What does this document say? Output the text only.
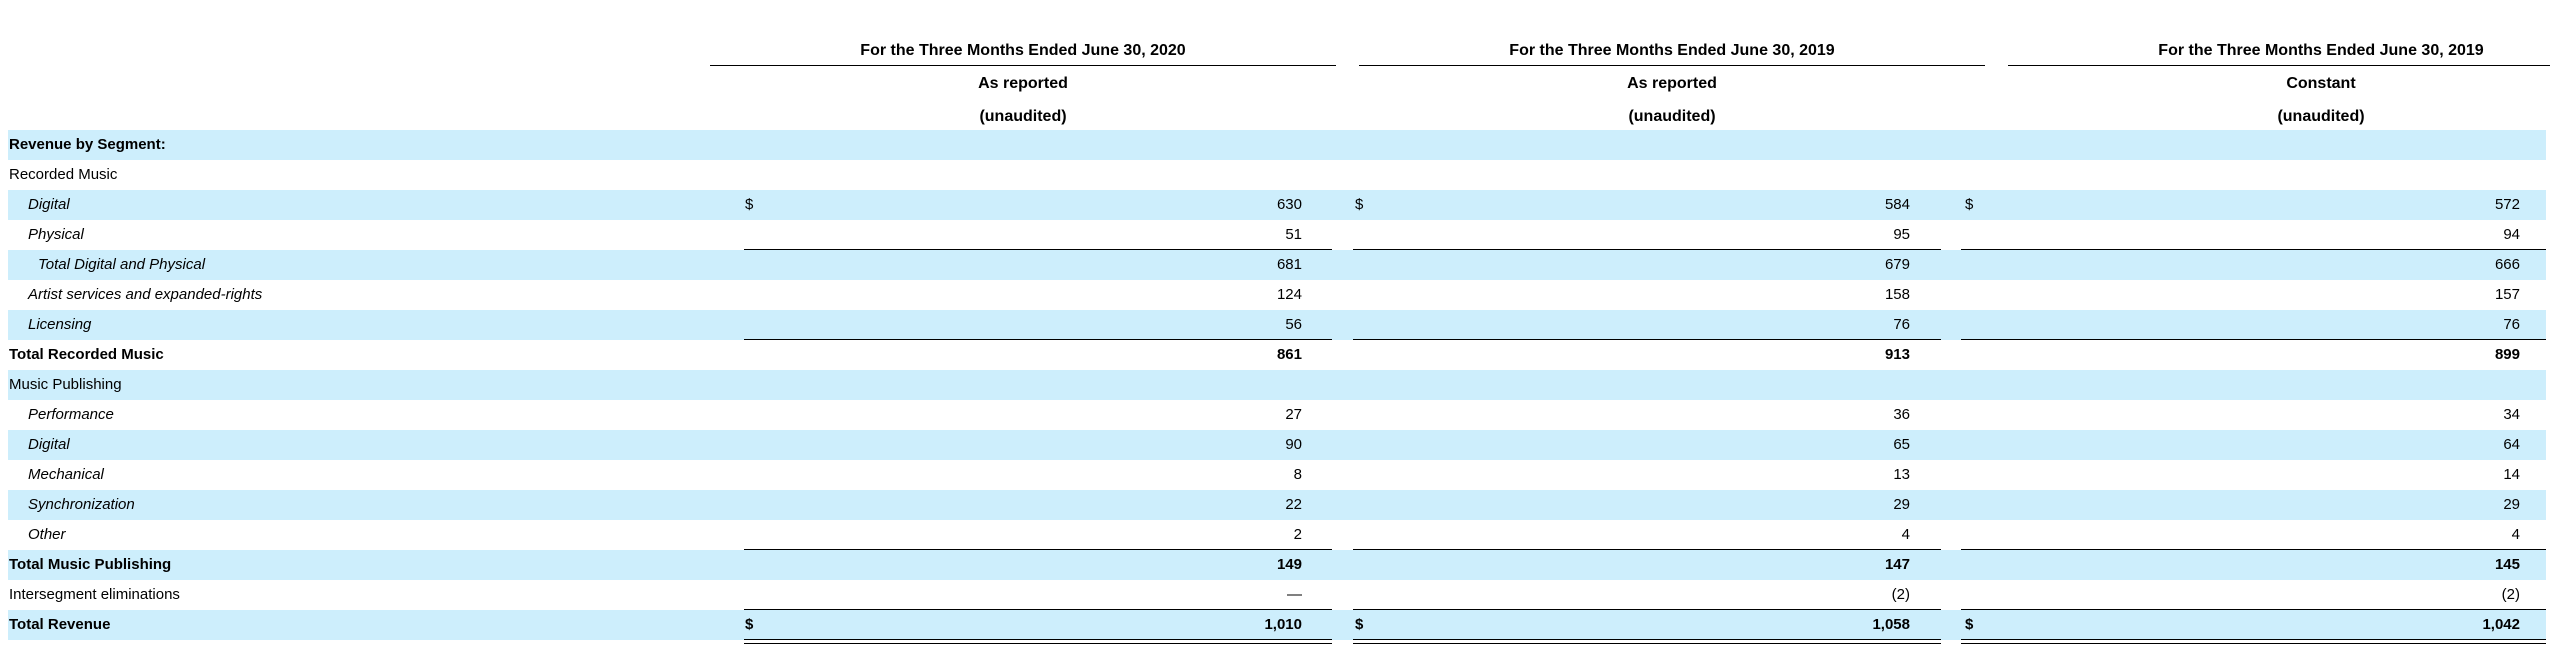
For the Three Months Ended June 30, 2020
As reported
(unaudited)
For the Three Months Ended June 30, 2019
As reported
(unaudited)
For the Three Months Ended June 30, 2019
Constant
(unaudited)
Revenue by Segment:
Recorded Music
Digital	$	630	$	584	$	572
Physical	51	95	94
Total Digital and Physical	681	679	666
Artist services and expanded-rights	124	158	157
Licensing	56	76	76
Total Recorded Music	861	913	899
Music Publishing
Performance	27	36	34
Digital	90	65	64
Mechanical	8	13	14
Synchronization	22	29	29
Other	2	4	4
Total Music Publishing	149	147	145
Intersegment eliminations	—	(2)	(2)
Total Revenue	$	1,010	$	1,058	$	1,042
